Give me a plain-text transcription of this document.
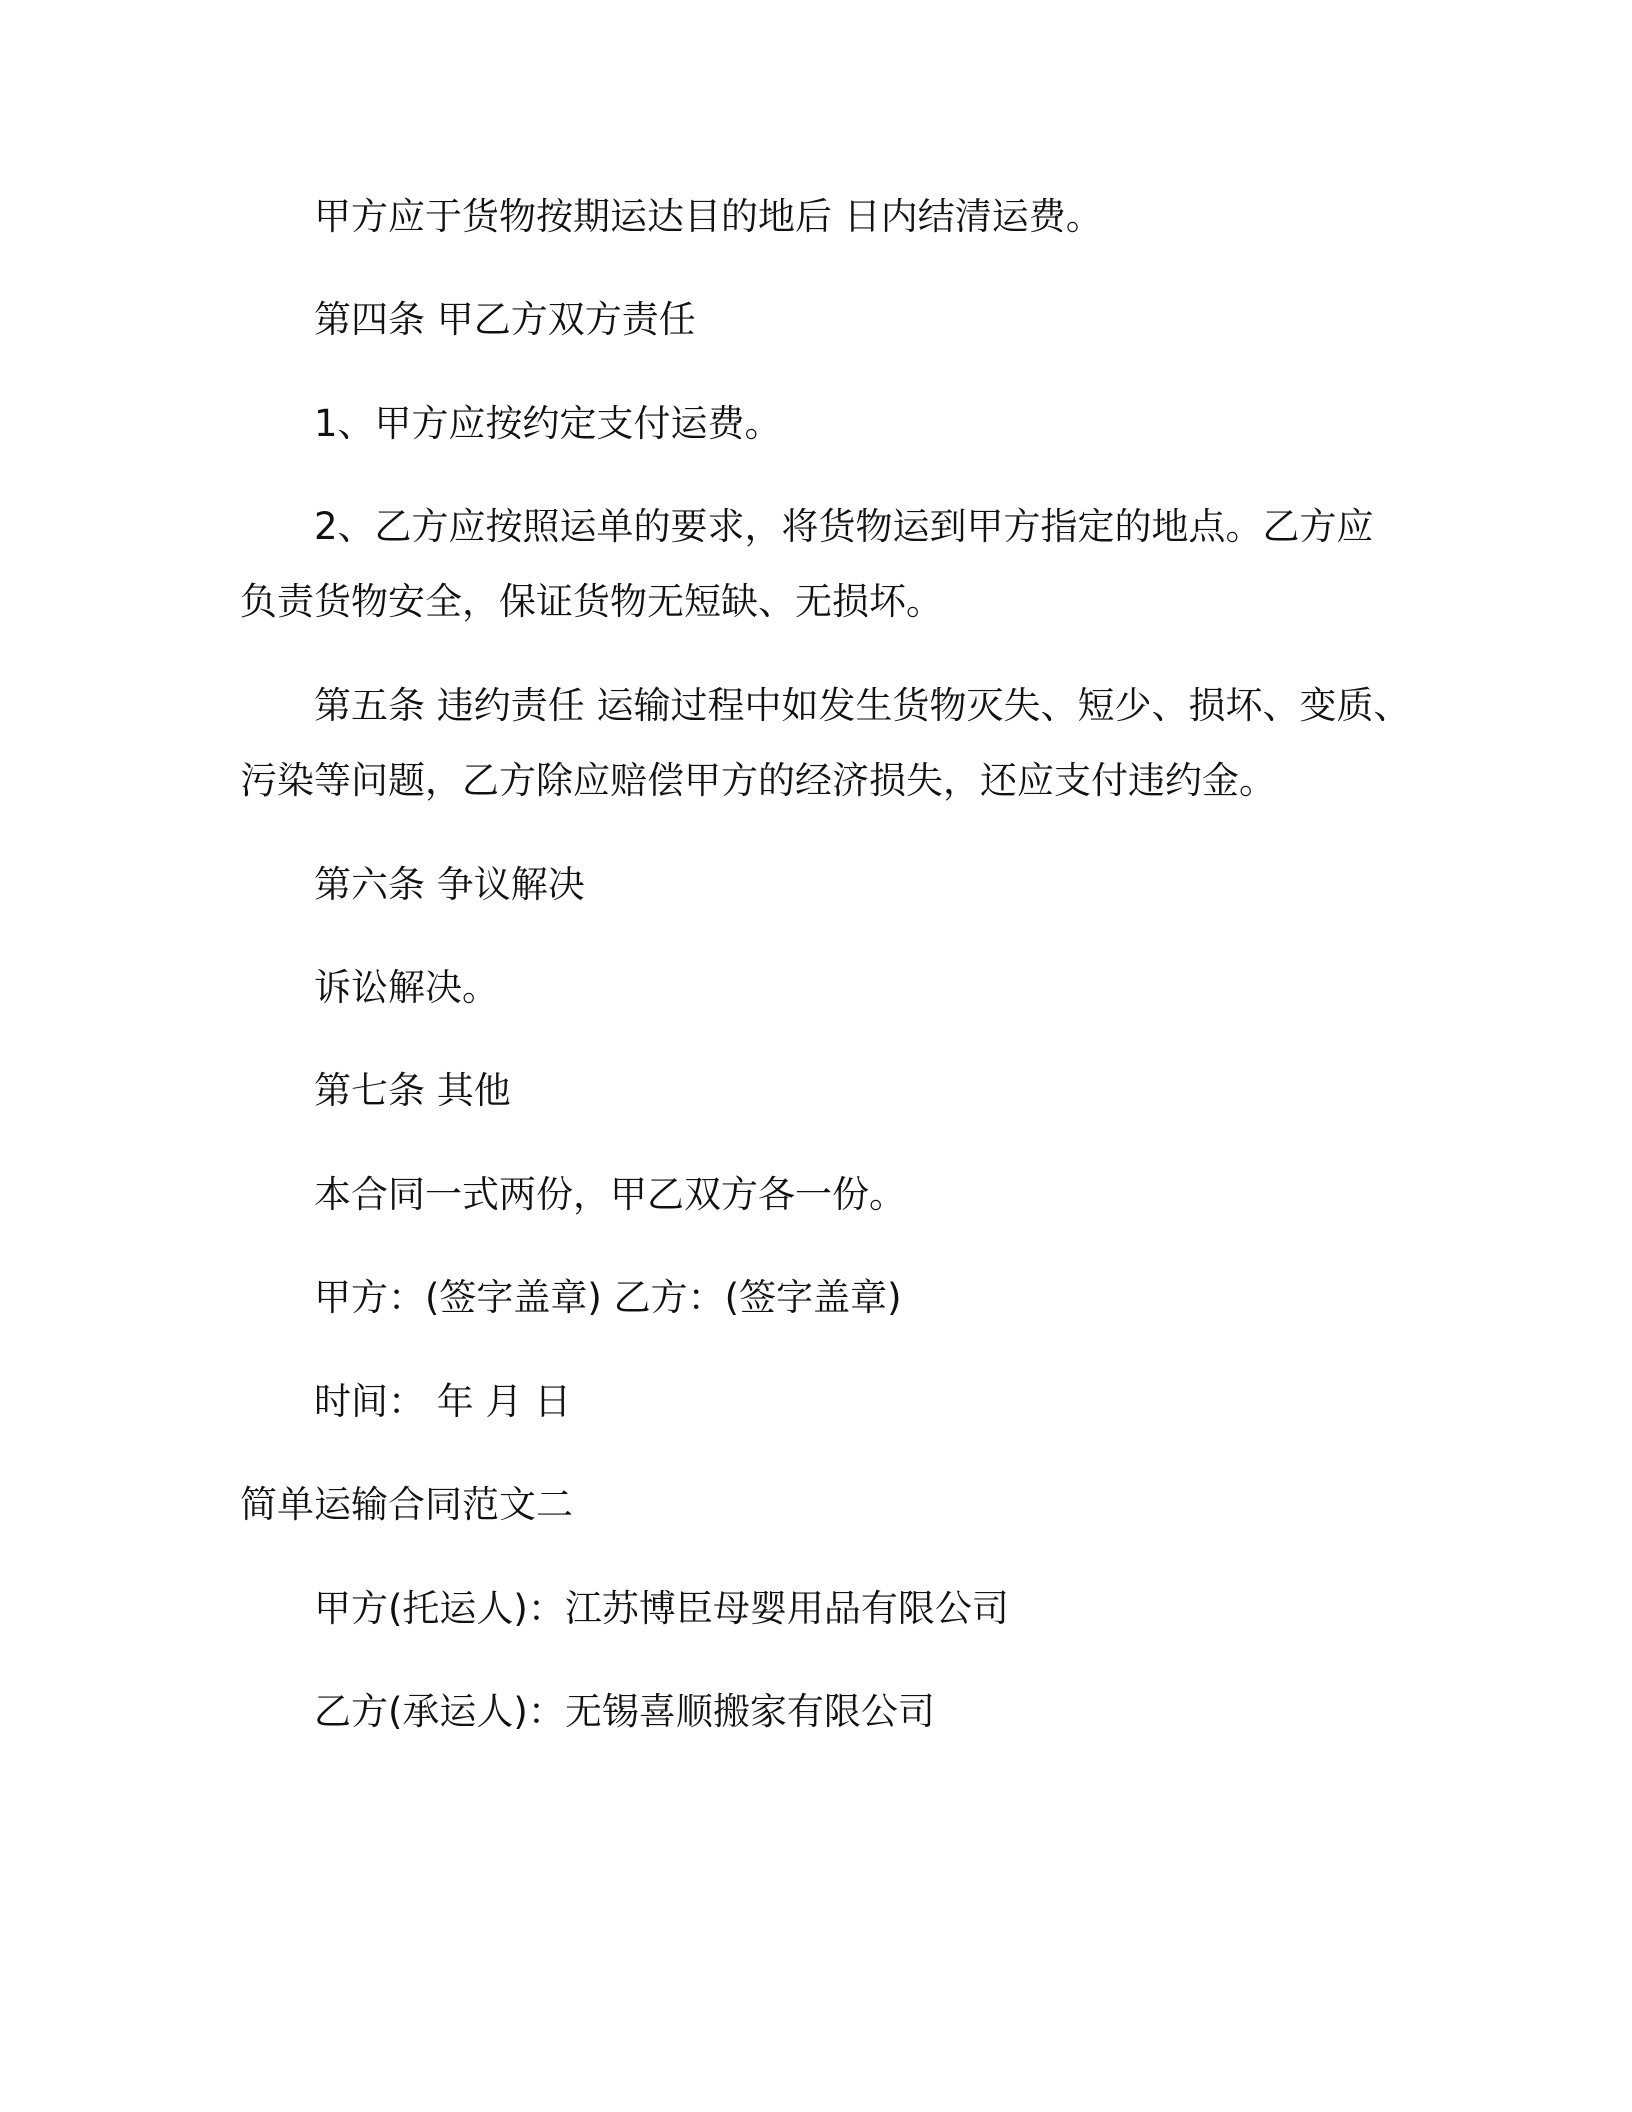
甲方应于货物按期运达目的地后 日内结清运费。
第四条 甲乙方双方责任
1、甲方应按约定支付运费。
2、乙方应按照运单的要求，将货物运到甲方指定的地点。乙方应
负责货物安全，保证货物无短缺、无损坏。
第五条 违约责任 运输过程中如发生货物灭失、短少、损坏、变质、
污染等问题，乙方除应赔偿甲方的经济损失，还应支付违约金。
第六条 争议解决
诉讼解决。
第七条 其他
本合同一式两份，甲乙双方各一份。
甲方：(签字盖章) 乙方：(签字盖章)
时间： 年 月 日
简单运输合同范文二
甲方(托运人)：江苏博臣母婴用品有限公司
乙方(承运人)：无锡喜顺搬家有限公司
